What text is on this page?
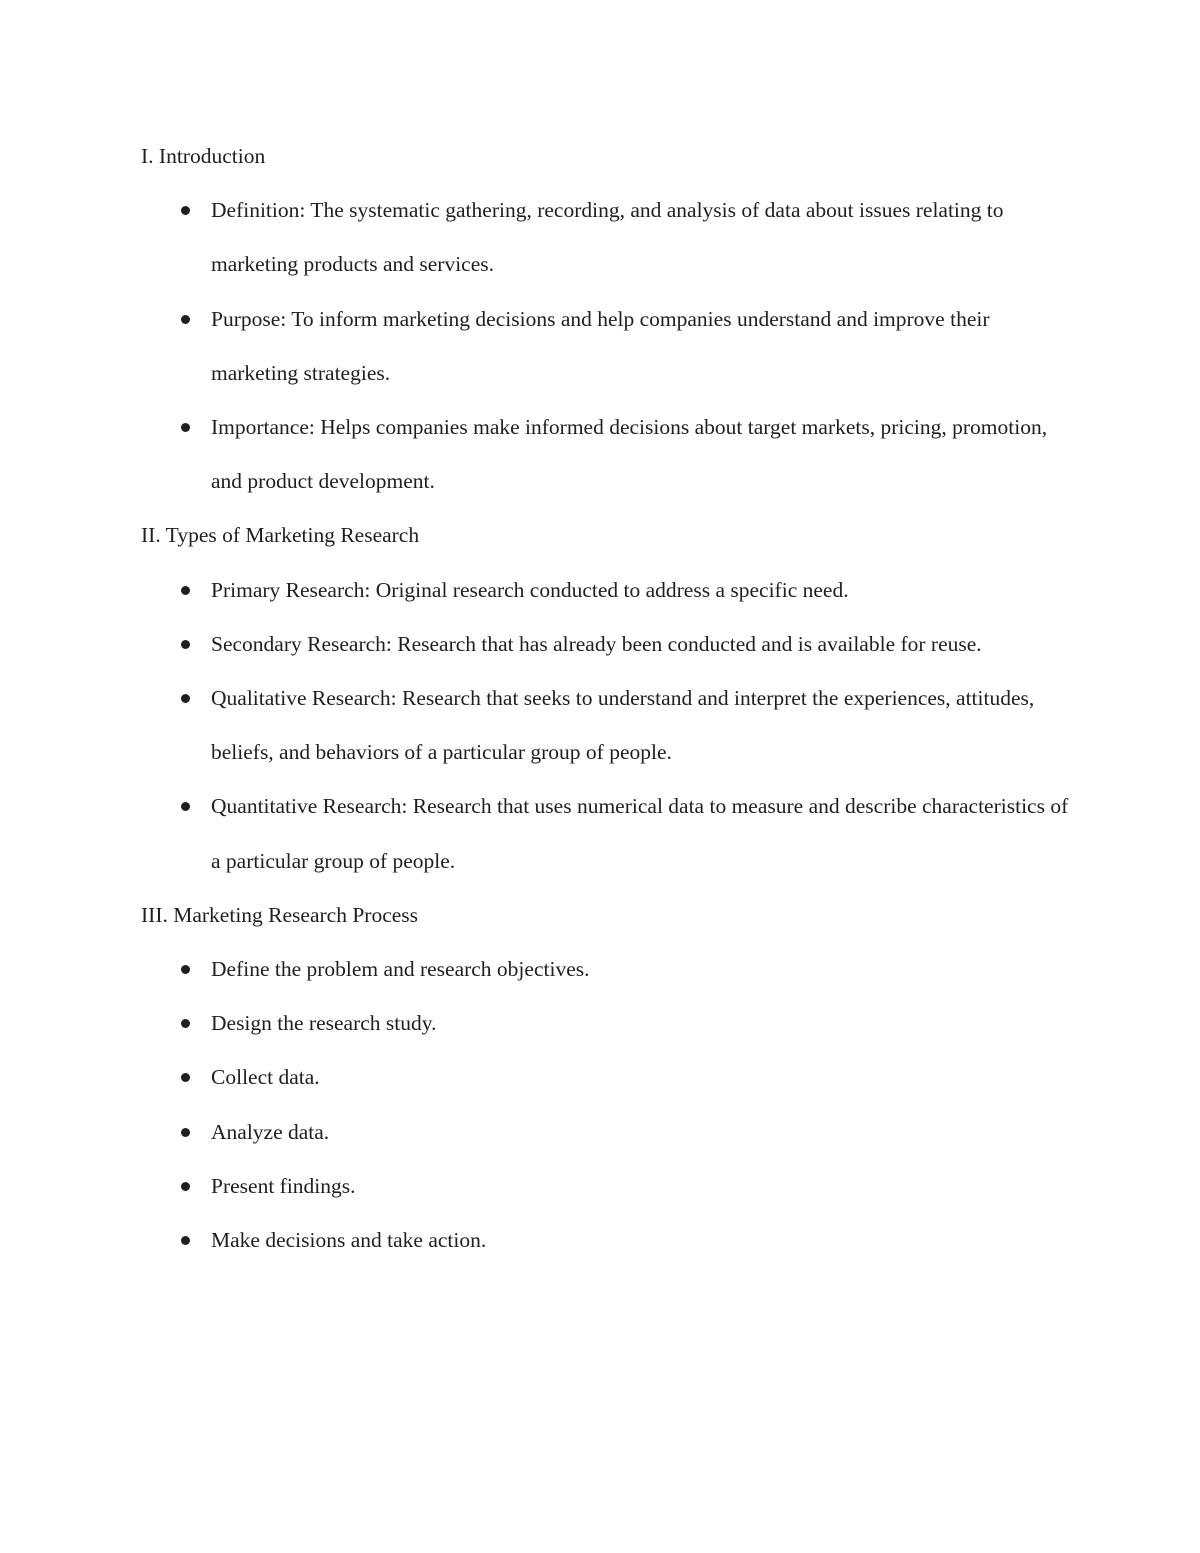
I. Introduction
Definition: The systematic gathering, recording, and analysis of data about issues relating to marketing products and services.
Purpose: To inform marketing decisions and help companies understand and improve their marketing strategies.
Importance: Helps companies make informed decisions about target markets, pricing, promotion, and product development.
II. Types of Marketing Research
Primary Research: Original research conducted to address a specific need.
Secondary Research: Research that has already been conducted and is available for reuse.
Qualitative Research: Research that seeks to understand and interpret the experiences, attitudes, beliefs, and behaviors of a particular group of people.
Quantitative Research: Research that uses numerical data to measure and describe characteristics of a particular group of people.
III. Marketing Research Process
Define the problem and research objectives.
Design the research study.
Collect data.
Analyze data.
Present findings.
Make decisions and take action.
